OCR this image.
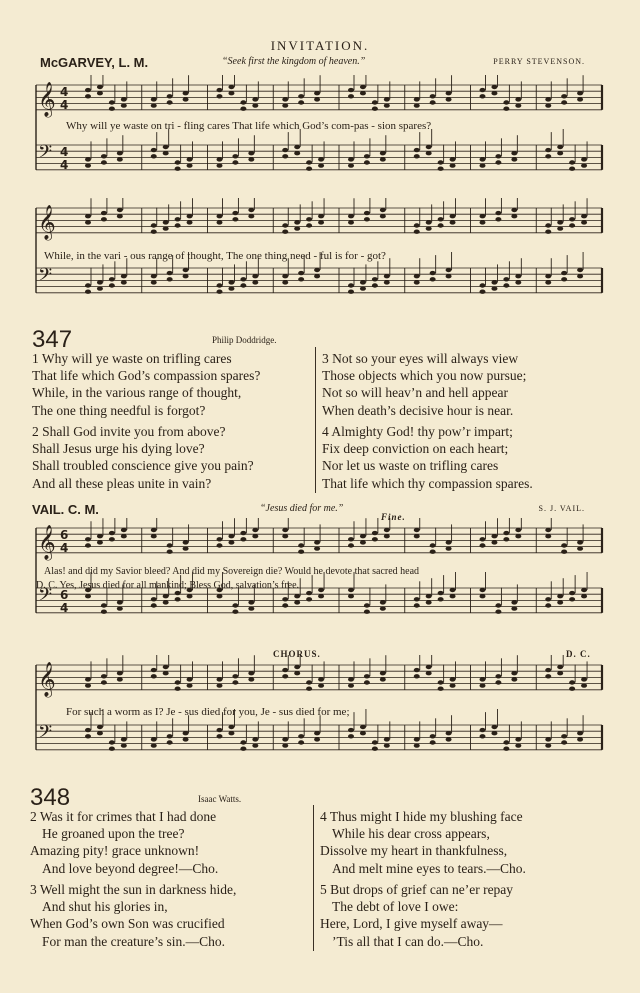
INVITATION.
McGARVEY, L. M.	“Seek first the kingdom of heaven.”	PERRY STEVENSON.
𝄞 4
4
𝄢 4
4
Why will ye waste on tri - fling cares That life which God’s com-pas - sion spares?
𝄞
𝄢
While, in the vari - ous range of thought, The one thing need - ful is for - got?
347	Philip Doddridge.
1 Why will ye waste on trifling cares
That life which God’s compassion spares?
While, in the various range of thought,
The one thing needful is forgot?
2 Shall God invite you from above?
Shall Jesus urge his dying love?
Shall troubled conscience give you pain?
And all these pleas unite in vain?
3 Not so your eyes will always view
Those objects which you now pursue;
Not so will heav’n and hell appear
When death’s decisive hour is near.
4 Almighty God! thy pow’r impart;
Fix deep conviction on each heart;
Nor let us waste on trifling cares
That life which thy compassion spares.
VAIL. C. M.	“Jesus died for me.”	S. J. VAIL.
Fine.
𝄞 6
4
𝄢 6
4
Alas! and did my Savior bleed? And did my Sovereign die? Would he devote that sacred head
D. C. Yes, Jesus died for all mankind; Bless God, salvation’s free.
CHORUS.	D. C.
𝄞
𝄢
For such a worm as I? Je - sus died for you, Je - sus died for me;
348	Isaac Watts.
2 Was it for crimes that I had done
He groaned upon the tree?
Amazing pity! grace unknown!
And love beyond degree!—Cho.
3 Well might the sun in darkness hide,
And shut his glories in,
When God’s own Son was crucified
For man the creature’s sin.—Cho.
4 Thus might I hide my blushing face
While his dear cross appears,
Dissolve my heart in thankfulness,
And melt mine eyes to tears.—Cho.
5 But drops of grief can ne’er repay
The debt of love I owe:
Here, Lord, I give myself away—
’Tis all that I can do.—Cho.
